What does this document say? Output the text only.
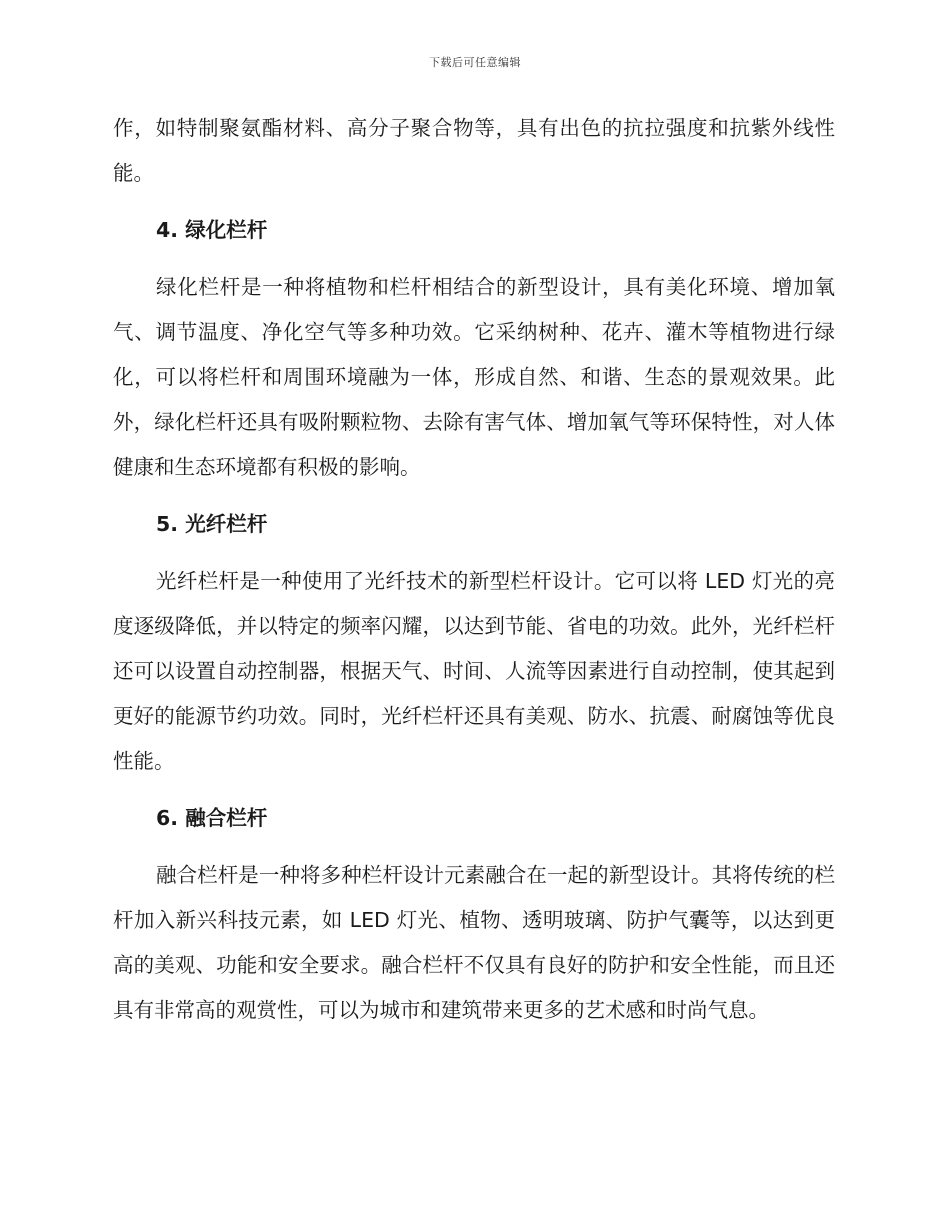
下载后可任意编辑

作，如特制聚氨酯材料、高分子聚合物等，具有出色的抗拉强度和抗紫外线性能。

4. 绿化栏杆

绿化栏杆是一种将植物和栏杆相结合的新型设计，具有美化环境、增加氧气、调节温度、净化空气等多种功效。它采纳树种、花卉、灌木等植物进行绿化，可以将栏杆和周围环境融为一体，形成自然、和谐、生态的景观效果。此外，绿化栏杆还具有吸附颗粒物、去除有害气体、增加氧气等环保特性，对人体健康和生态环境都有积极的影响。

5. 光纤栏杆

光纤栏杆是一种使用了光纤技术的新型栏杆设计。它可以将 LED 灯光的亮度逐级降低，并以特定的频率闪耀，以达到节能、省电的功效。此外，光纤栏杆还可以设置自动控制器，根据天气、时间、人流等因素进行自动控制，使其起到更好的能源节约功效。同时，光纤栏杆还具有美观、防水、抗震、耐腐蚀等优良性能。

6. 融合栏杆

融合栏杆是一种将多种栏杆设计元素融合在一起的新型设计。其将传统的栏杆加入新兴科技元素，如 LED 灯光、植物、透明玻璃、防护气囊等，以达到更高的美观、功能和安全要求。融合栏杆不仅具有良好的防护和安全性能，而且还具有非常高的观赏性，可以为城市和建筑带来更多的艺术感和时尚气息。
